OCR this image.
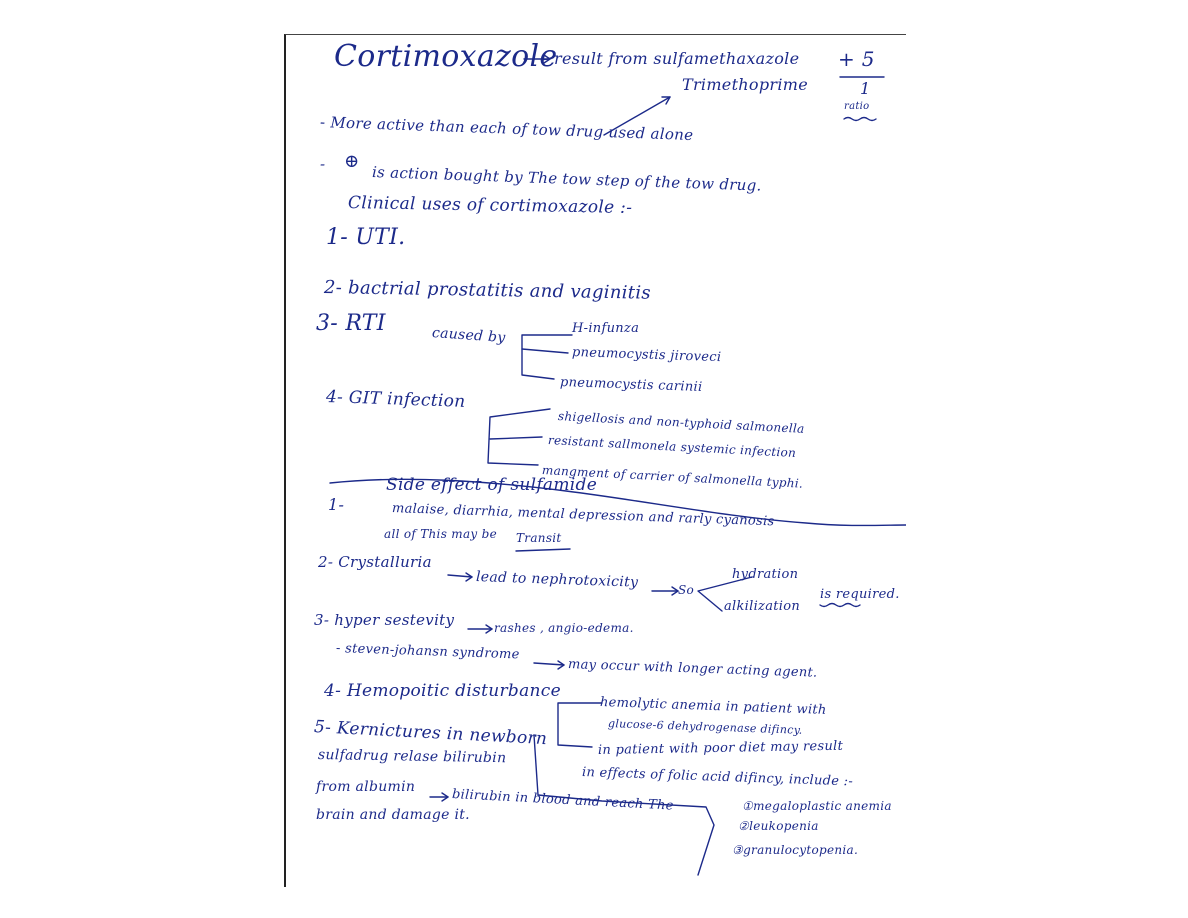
Cortimoxazole
result from sulfamethaxazole + 5
1
ratio
Trimethoprime
- More active than each of tow drug used alone
- ⊕
is action bought by The tow step of the tow drug.
Clinical uses of cortimoxazole :-
1- UTI.
2- bactrial prostatitis and vaginitis
3- RTI	caused by	H-infunza
pneumocystis jiroveci
pneumocystis carinii
4- GIT infection
shigellosis and non-typhoid salmonella
resistant sallmonela systemic infection
mangment of carrier of salmonella typhi.
Side effect of sulfamide
1-	malaise, diarrhia, mental depression and rarly cyanosis
all of This may be Transit
2- Crystalluria
lead to nephrotoxicity	So
hydration
alkilization
is required.
3- hyper sestevity	rashes , angio-edema.
- steven-johansn syndrome
may occur with longer acting agent.
4- Hemopoitic disturbance
hemolytic anemia in patient with
glucose-6 dehydrogenase difincy.
in patient with poor diet may result
in effects of folic acid difincy, include :-
①megaloplastic anemia
②leukopenia
③granulocytopenia.
5- Kernictures in newborn
sulfadrug relase bilirubin
from albumin
bilirubin in blood and reach The
brain and damage it.
